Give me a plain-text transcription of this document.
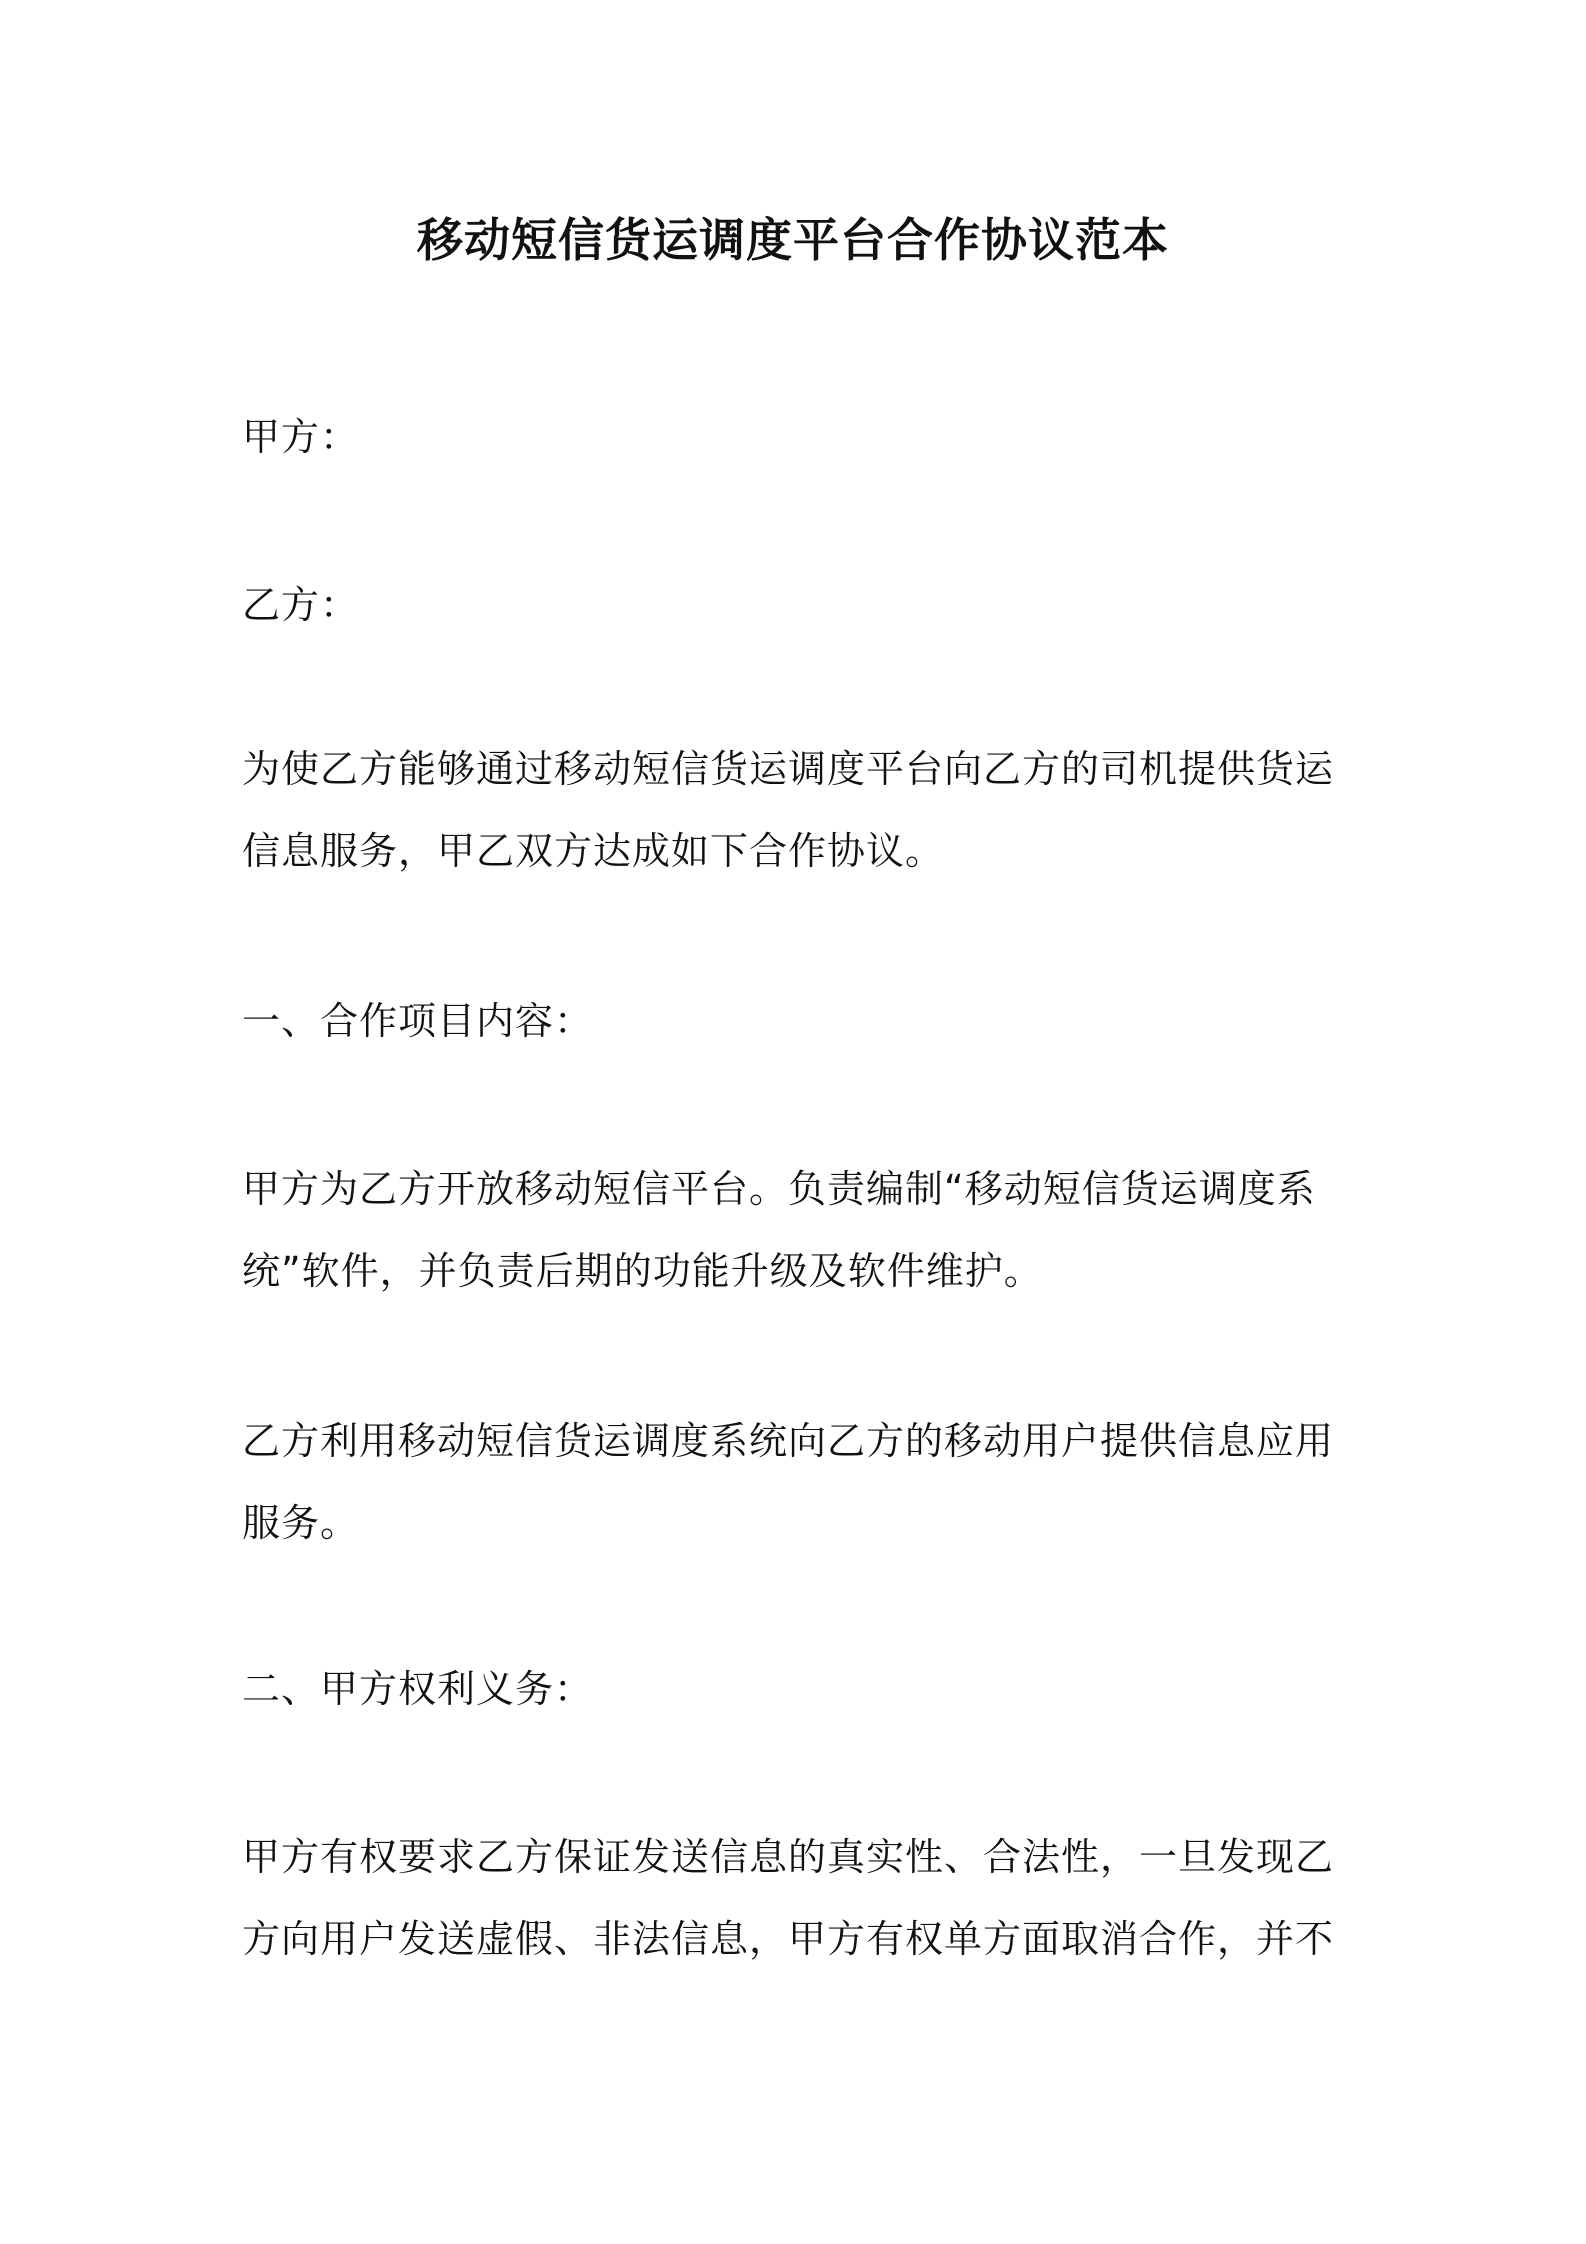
移动短信货运调度平台合作协议范本

甲方：

乙方：

为使乙方能够通过移动短信货运调度平台向乙方的司机提供货运信息服务，甲乙双方达成如下合作协议。

一、合作项目内容：

甲方为乙方开放移动短信平台。负责编制“移动短信货运调度系统”软件，并负责后期的功能升级及软件维护。

乙方利用移动短信货运调度系统向乙方的移动用户提供信息应用服务。

二、甲方权利义务：

甲方有权要求乙方保证发送信息的真实性、合法性，一旦发现乙方向用户发送虚假、非法信息，甲方有权单方面取消合作，并不
